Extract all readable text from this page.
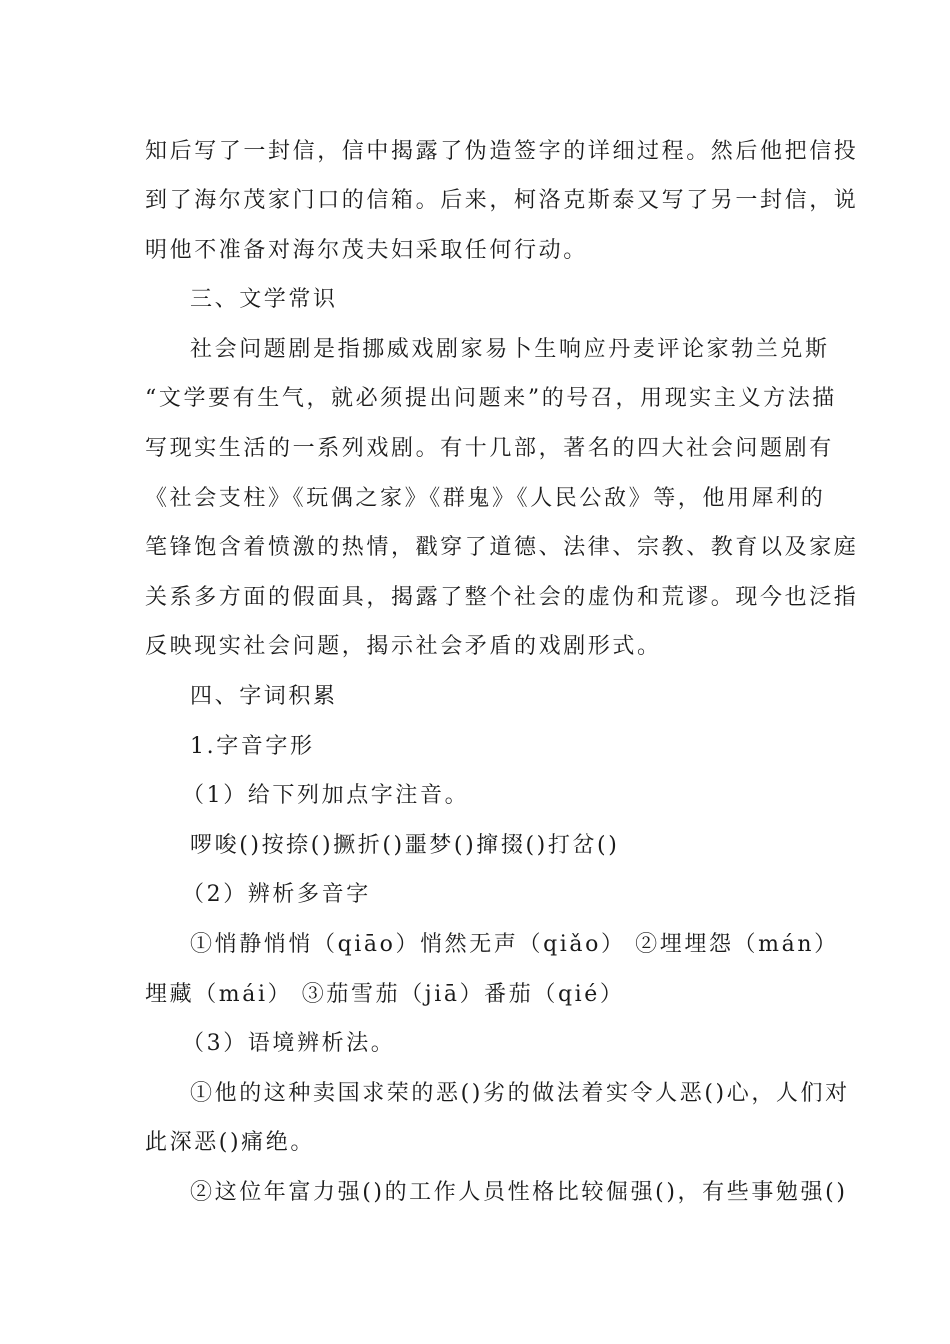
知后写了一封信，信中揭露了伪造签字的详细过程。然后他把信投
到了海尔茂家门口的信箱。后来，柯洛克斯泰又写了另一封信，说
明他不准备对海尔茂夫妇采取任何行动。
三、文学常识
社会问题剧是指挪威戏剧家易卜生响应丹麦评论家勃兰兑斯
“文学要有生气，就必须提出问题来”的号召，用现实主义方法描
写现实生活的一系列戏剧。有十几部，著名的四大社会问题剧有
《社会支柱》《玩偶之家》《群鬼》《人民公敌》等，他用犀利的
笔锋饱含着愤激的热情，戳穿了道德、法律、宗教、教育以及家庭
关系多方面的假面具，揭露了整个社会的虚伪和荒谬。现今也泛指
反映现实社会问题，揭示社会矛盾的戏剧形式。
四、字词积累
1.字音字形
（1）给下列加点字注音。
啰唆()按捺()撅折()噩梦()撺掇()打岔()
（2）辨析多音字
①悄静悄悄（qiāo）悄然无声（qiǎo） ②埋埋怨（mán）
埋藏（mái） ③茄雪茄（jiā）番茄（qié）
（3）语境辨析法。
①他的这种卖国求荣的恶()劣的做法着实令人恶()心，人们对
此深恶()痛绝。
②这位年富力强()的工作人员性格比较倔强()，有些事勉强()
